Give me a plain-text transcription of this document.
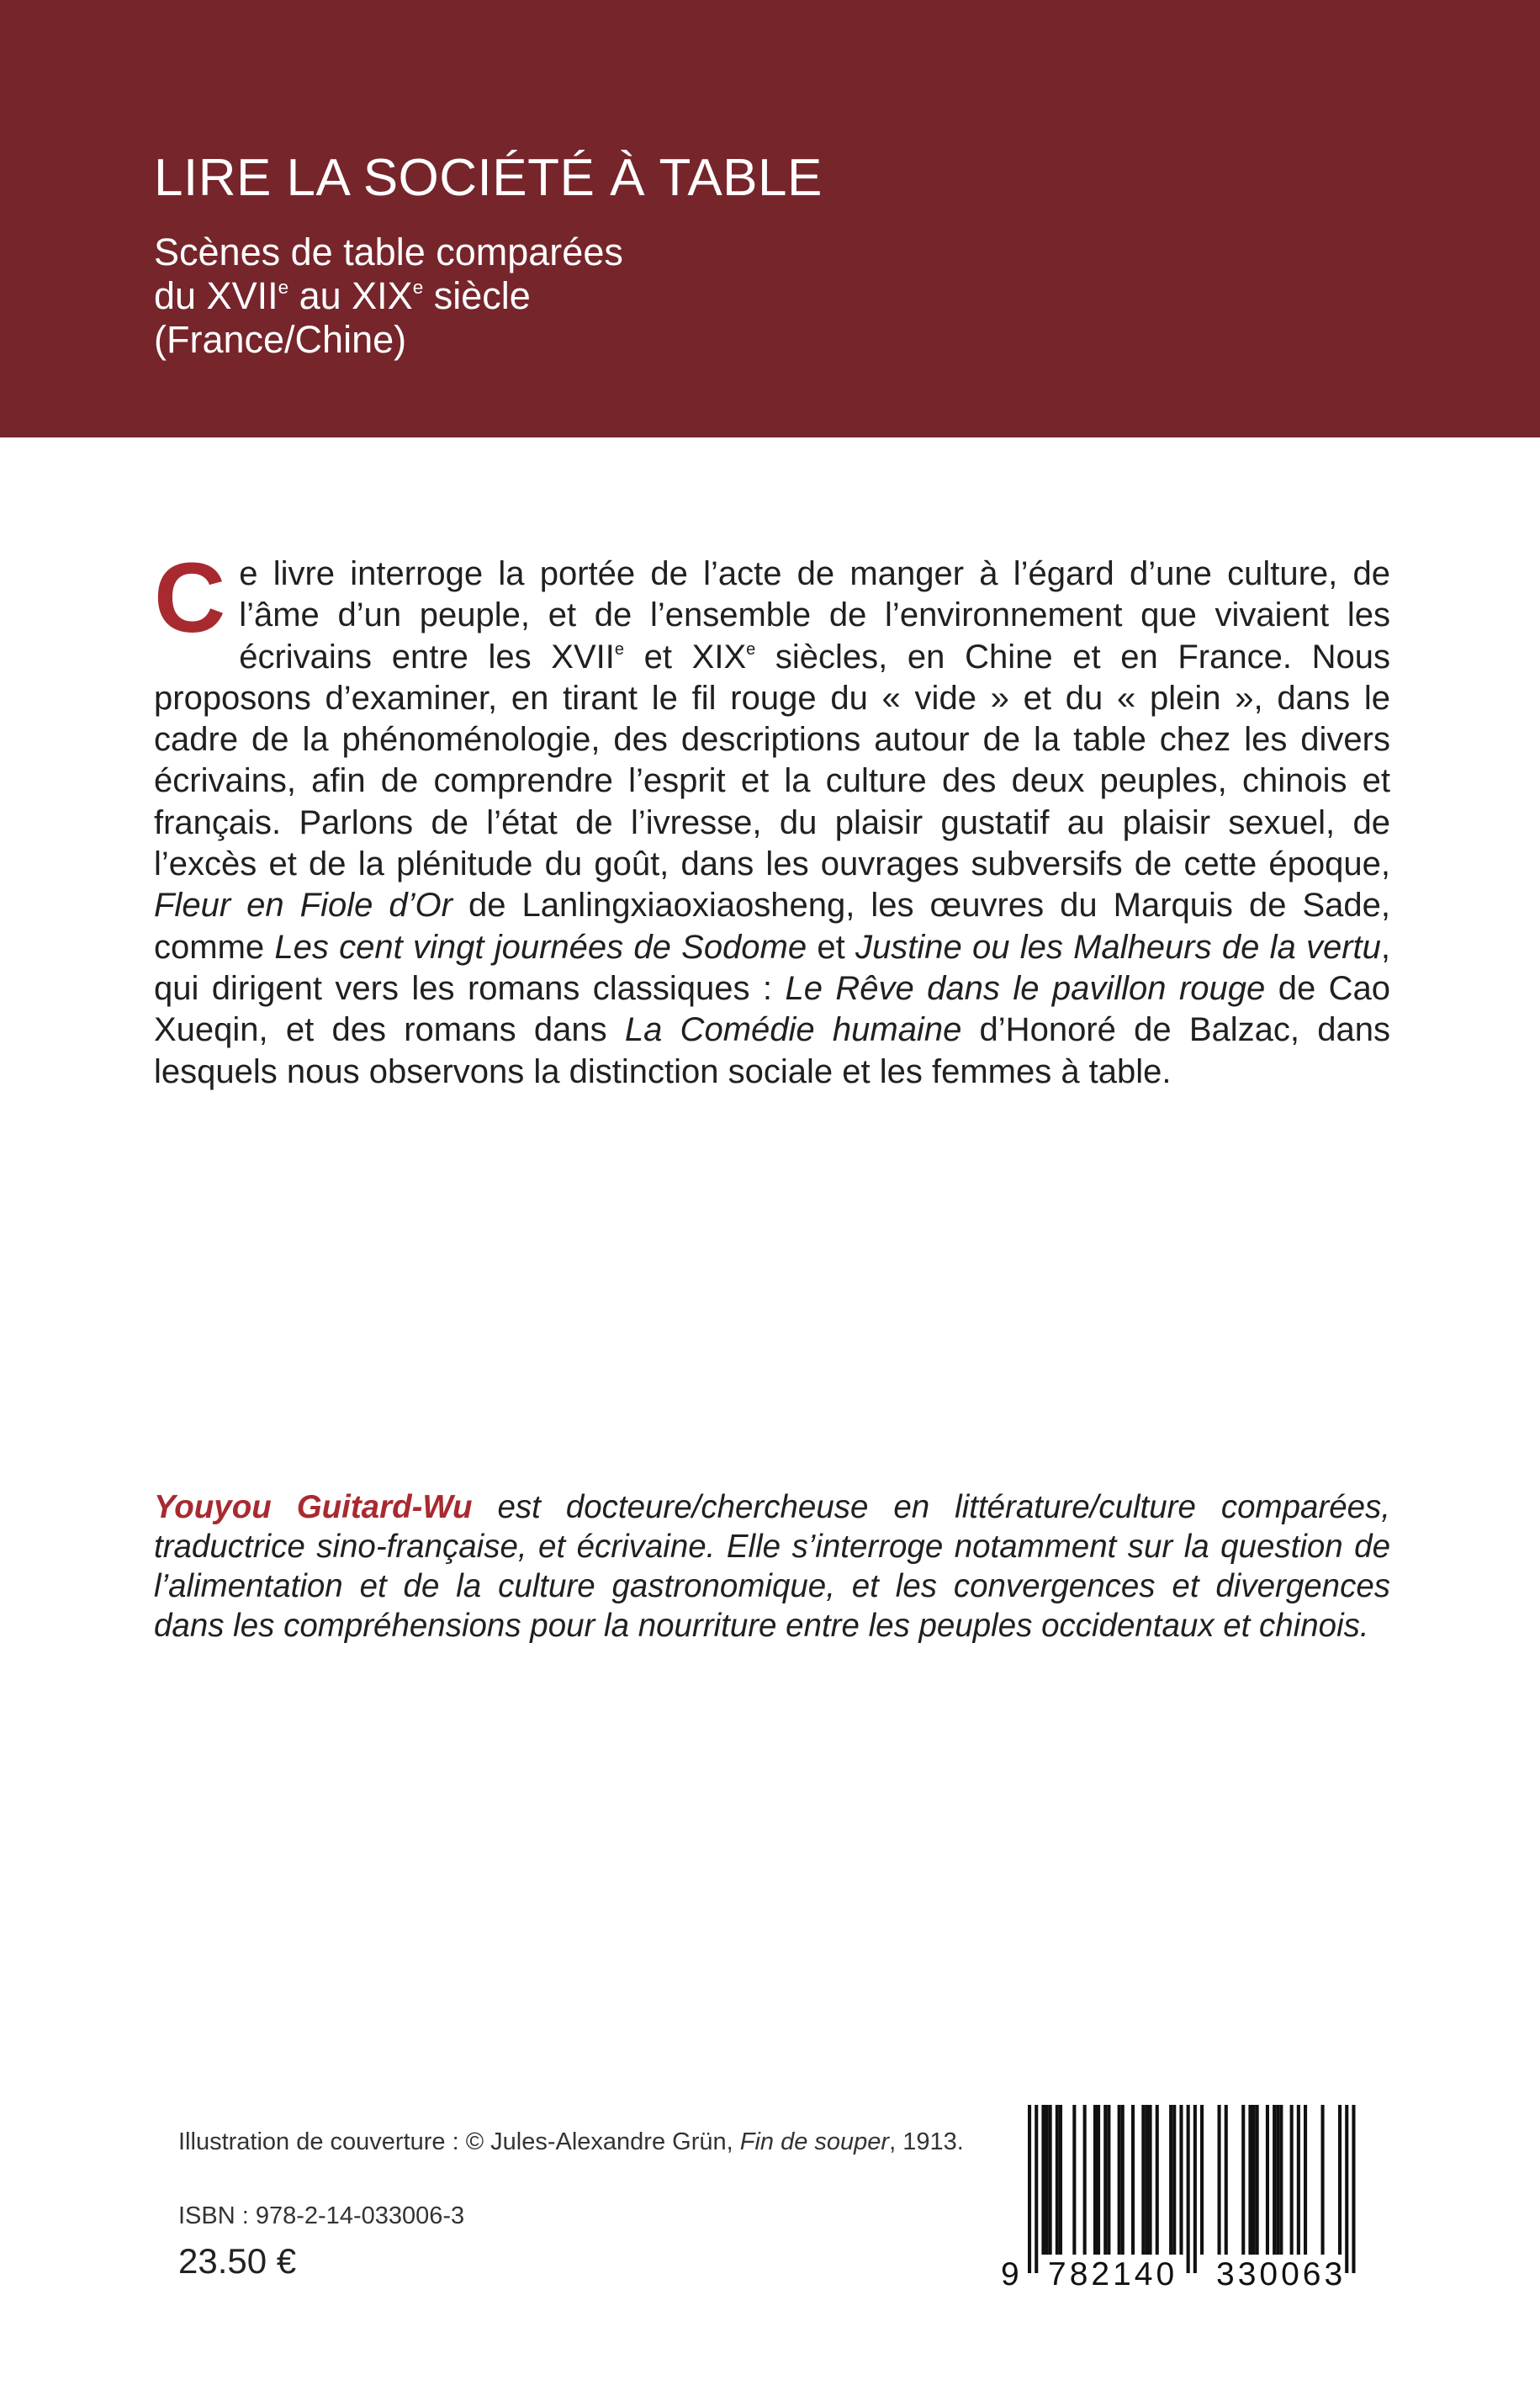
LIRE LA SOCIÉTÉ À TABLE
Scènes de table comparées
du XVIIe au XIXe siècle
(France/Chine)

Ce livre interroge la portée de l’acte de manger à l’égard d’une culture, de l’âme d’un peuple, et de l’ensemble de l’environnement que vivaient les écrivains entre les XVIIe et XIXe siècles, en Chine et en France. Nous proposons d’examiner, en tirant le fil rouge du « vide » et du « plein », dans le cadre de la phénoménologie, des descriptions autour de la table chez les divers écrivains, afin de comprendre l’esprit et la culture des deux peuples, chinois et français. Parlons de l’état de l’ivresse, du plaisir gustatif au plaisir sexuel, de l’excès et de la plénitude du goût, dans les ouvrages subversifs de cette époque, Fleur en Fiole d’Or de Lanlingxiaoxiaosheng, les œuvres du Marquis de Sade, comme Les cent vingt journées de Sodome et Justine ou les Malheurs de la vertu, qui dirigent vers les romans classiques : Le Rêve dans le pavillon rouge de Cao Xueqin, et des romans dans La Comédie humaine d’Honoré de Balzac, dans lesquels nous observons la distinction sociale et les femmes à table.

Youyou Guitard-Wu est docteure/chercheuse en littérature/culture comparées, traductrice sino-française, et écrivaine. Elle s’interroge notamment sur la question de l’alimentation et de la culture gastronomique, et les convergences et divergences dans les compréhensions pour la nourriture entre les peuples occidentaux et chinois.

Illustration de couverture : © Jules-Alexandre Grün, Fin de souper, 1913.
ISBN : 978-2-14-033006-3
23.50 €	9 782140 330063
